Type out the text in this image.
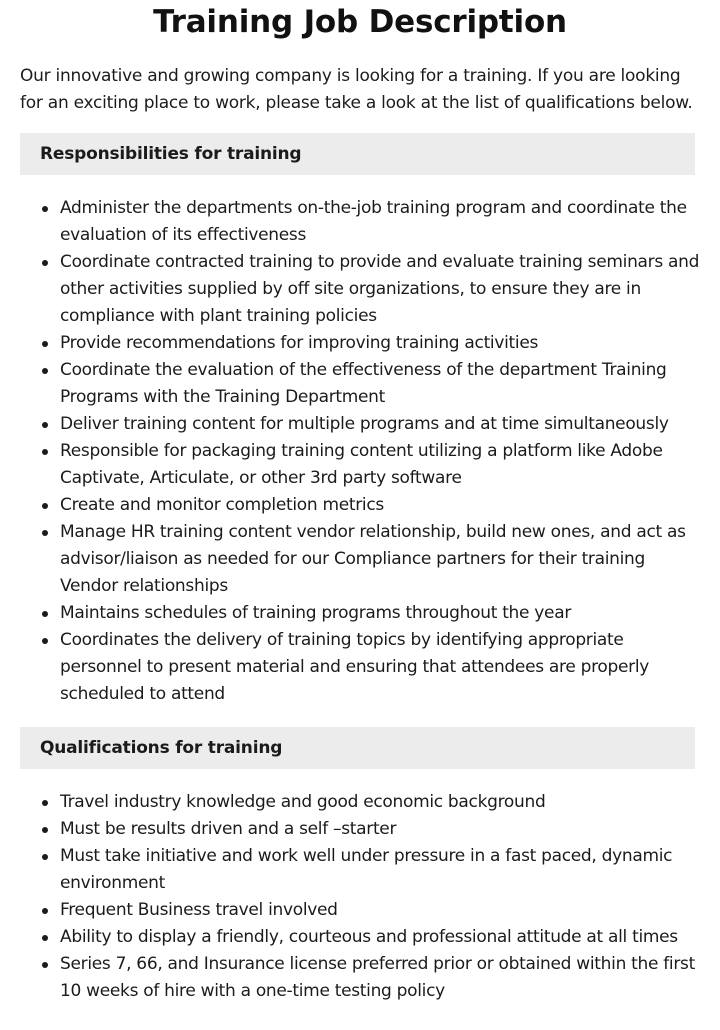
Training Job Description

Our innovative and growing company is looking for a training. If you are looking for an exciting place to work, please take a look at the list of qualifications below.

Responsibilities for training
Administer the departments on-the-job training program and coordinate the evaluation of its effectiveness
Coordinate contracted training to provide and evaluate training seminars and other activities supplied by off site organizations, to ensure they are in compliance with plant training policies
Provide recommendations for improving training activities
Coordinate the evaluation of the effectiveness of the department Training Programs with the Training Department
Deliver training content for multiple programs and at time simultaneously
Responsible for packaging training content utilizing a platform like Adobe Captivate, Articulate, or other 3rd party software
Create and monitor completion metrics
Manage HR training content vendor relationship, build new ones, and act as advisor/liaison as needed for our Compliance partners for their training Vendor relationships
Maintains schedules of training programs throughout the year
Coordinates the delivery of training topics by identifying appropriate personnel to present material and ensuring that attendees are properly scheduled to attend
Qualifications for training
Travel industry knowledge and good economic background
Must be results driven and a self –starter
Must take initiative and work well under pressure in a fast paced, dynamic environment
Frequent Business travel involved
Ability to display a friendly, courteous and professional attitude at all times
Series 7, 66, and Insurance license preferred prior or obtained within the first 10 weeks of hire with a one-time testing policy
